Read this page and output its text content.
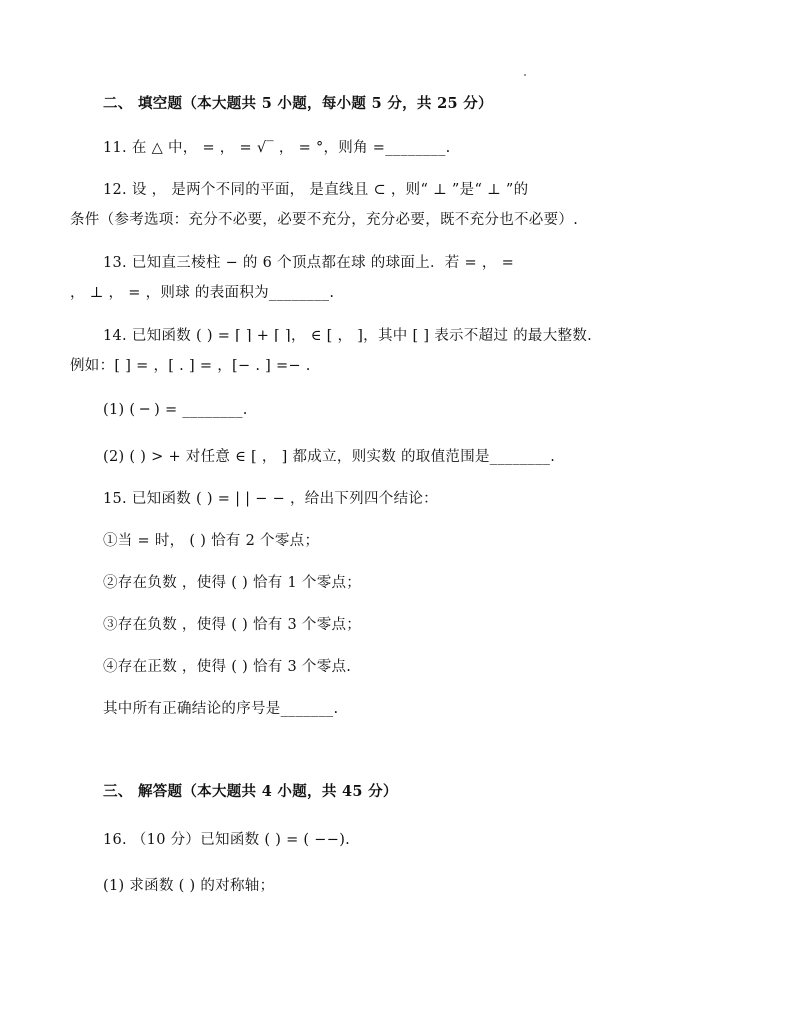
二、 填空题（本大题共 5 小题，每小题 5 分，共 25 分）
11. 在 △ 中， = ， = √‾ ， = °，则角 =________.
12. 设 ， 是两个不同的平面， 是直线且 ⊂ ，则“ ⊥ ”是“ ⊥ ”的
条件（参考选项：充分不必要，必要不充分，充分必要，既不充分也不必要）.
13. 已知直三棱柱 − 的 6 个顶点都在球 的球面上．若 = ， =
， ⊥ ， = ，则球 的表面积为________.
14. 已知函数 ( ) = ⌈ ⌉ + ⌈ ⌉， ∈ [ ， ]，其中 [ ] 表示不超过 的最大整数.
例如：[ ] = ，[ . ] = ，[− . ] =− .
(1) ( ─ ) = ________.
(2) ( ) > + 对任意 ∈ [ ， ] 都成立，则实数 的取值范围是________.
15. 已知函数 ( ) = | | − − ，给出下列四个结论：
①当 = 时， ( ) 恰有 2 个零点；
②存在负数 ，使得 ( ) 恰有 1 个零点；
③存在负数 ，使得 ( ) 恰有 3 个零点；
④存在正数 ，使得 ( ) 恰有 3 个零点.
其中所有正确结论的序号是_______.
三、 解答题（本大题共 4 小题，共 45 分）
16. （10 分）已知函数 ( ) = ( −−).
(1) 求函数 ( ) 的对称轴；
